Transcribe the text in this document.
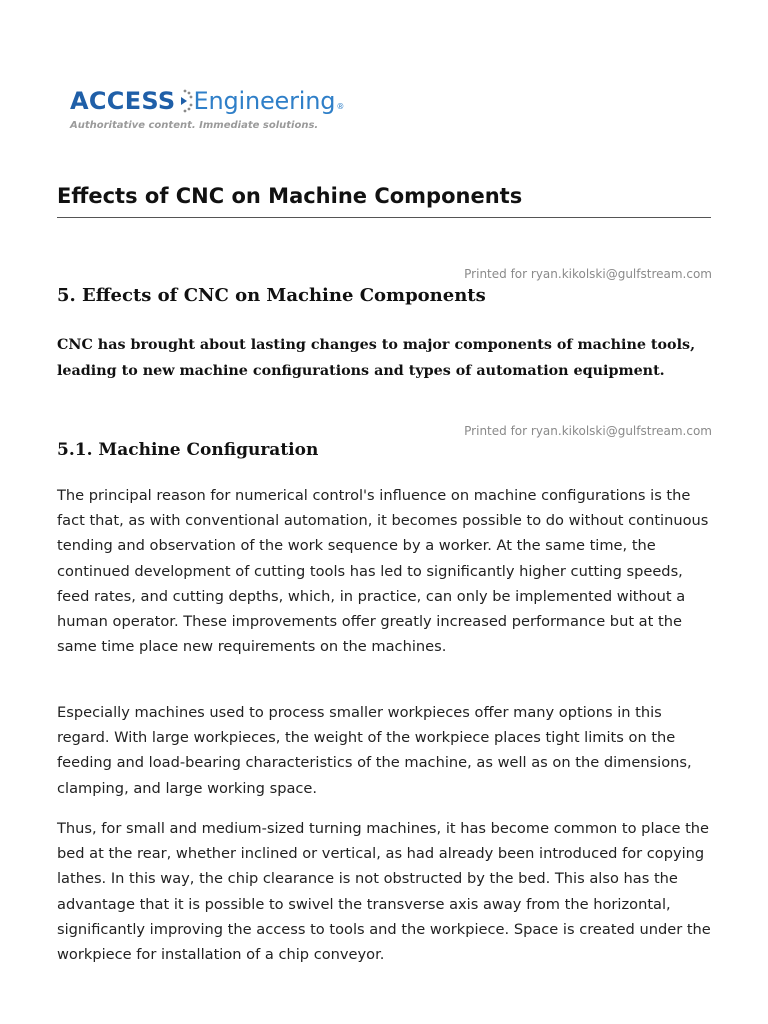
ACCESS Engineering ®
Authoritative content. Immediate solutions.
Effects of CNC on Machine Components
Printed for ryan.kikolski@gulfstream.com
5. Effects of CNC on Machine Components

CNC has brought about lasting changes to major components of machine tools, leading to new machine configurations and types of automation equipment.

Printed for ryan.kikolski@gulfstream.com
5.1. Machine Configuration

The principal reason for numerical control's influence on machine configurations is the fact that, as with conventional automation, it becomes possible to do without continuous tending and observation of the work sequence by a worker. At the same time, the continued development of cutting tools has led to significantly higher cutting speeds, feed rates, and cutting depths, which, in practice, can only be implemented without a human operator. These improvements offer greatly increased performance but at the same time place new requirements on the machines.

Especially machines used to process smaller workpieces offer many options in this regard. With large workpieces, the weight of the workpiece places tight limits on the feeding and load-bearing characteristics of the machine, as well as on the dimensions, clamping, and large working space.

Thus, for small and medium-sized turning machines, it has become common to place the bed at the rear, whether inclined or vertical, as had already been introduced for copying lathes. In this way, the chip clearance is not obstructed by the bed. This also has the advantage that it is possible to swivel the transverse axis away from the horizontal, significantly improving the access to tools and the workpiece. Space is created under the workpiece for installation of a chip conveyor.
